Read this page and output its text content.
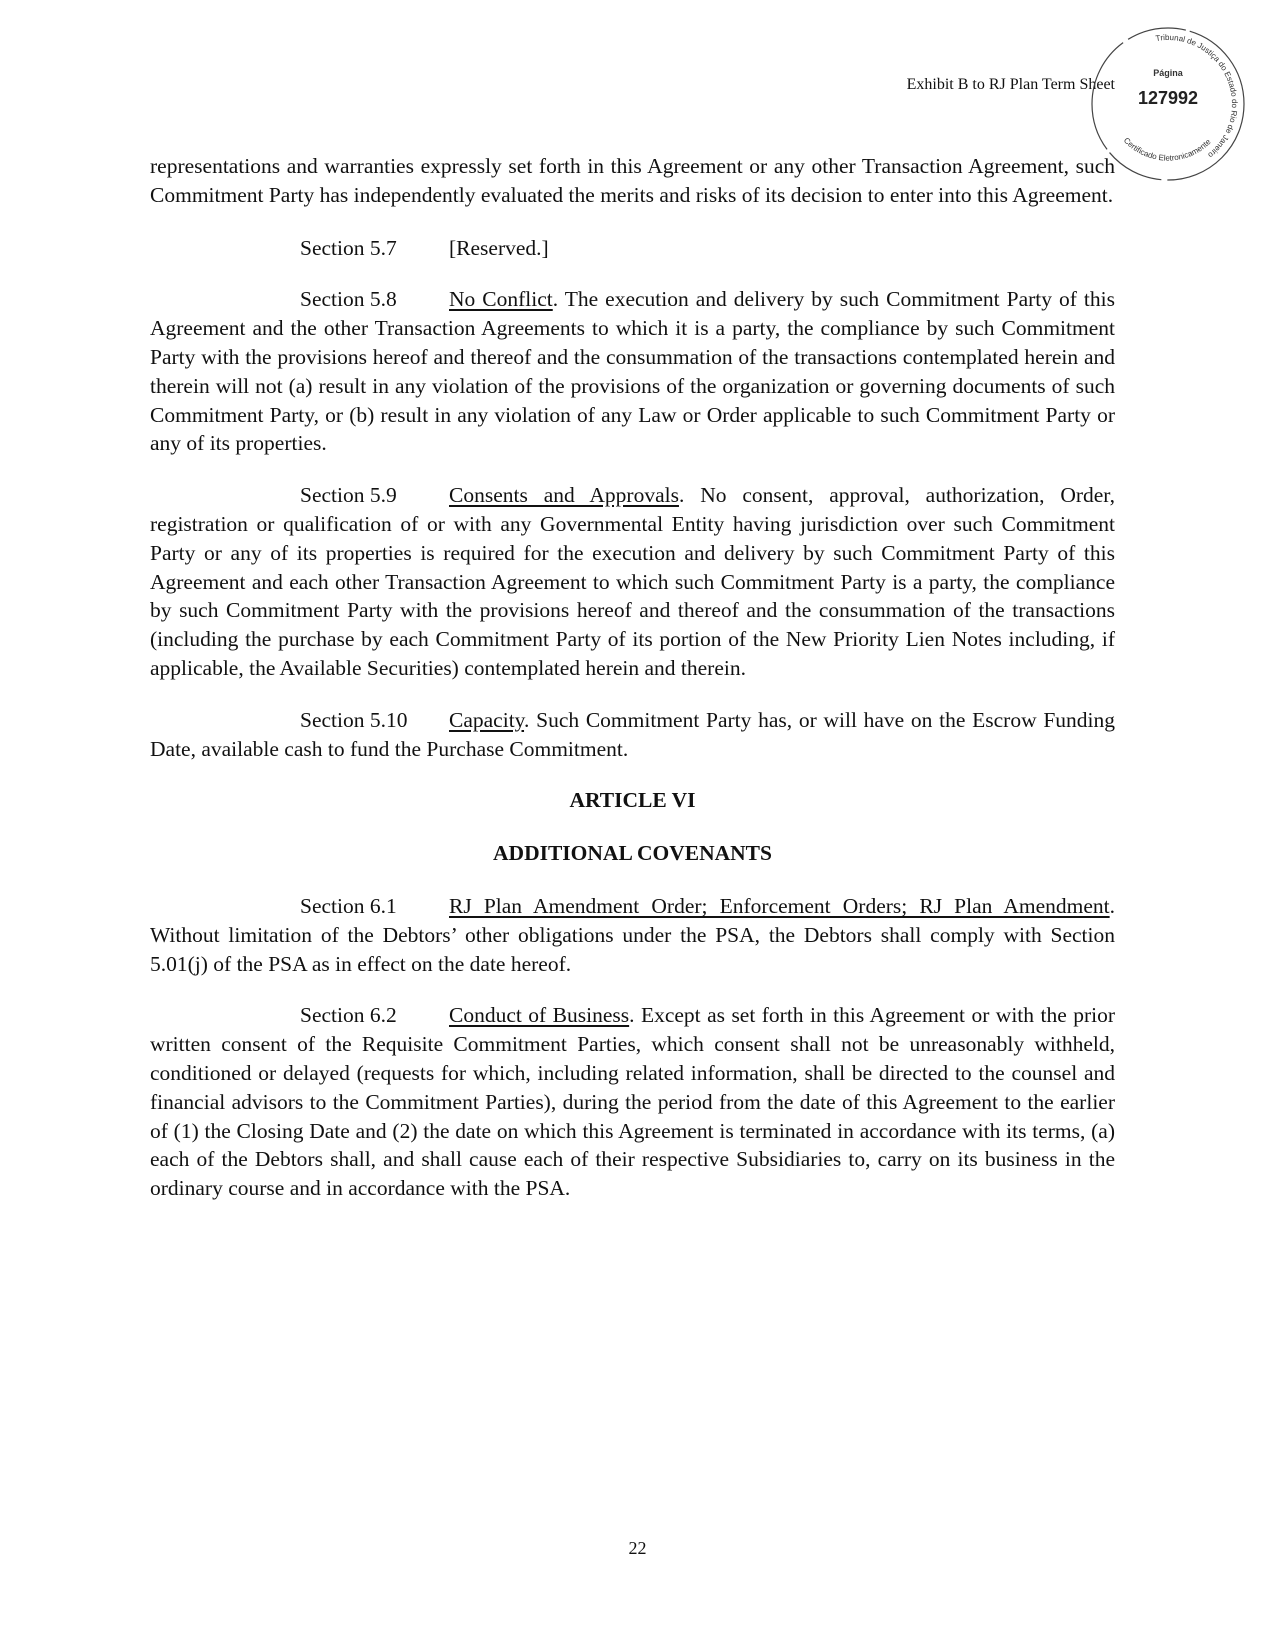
Exhibit B to RJ Plan Term Sheet
Tribunal de Justiça do Estado do Rio de Janeiro
Certificado Eletronicamente
Página
127992

representations and warranties expressly set forth in this Agreement or any other Transaction Agreement, such Commitment Party has independently evaluated the merits and risks of its decision to enter into this Agreement.

Section 5.7 [Reserved.]

Section 5.8 No Conflict. The execution and delivery by such Commitment Party of this Agreement and the other Transaction Agreements to which it is a party, the compliance by such Commitment Party with the provisions hereof and thereof and the consummation of the transactions contemplated herein and therein will not (a) result in any violation of the provisions of the organization or governing documents of such Commitment Party, or (b) result in any violation of any Law or Order applicable to such Commitment Party or any of its properties.

Section 5.9 Consents and Approvals. No consent, approval, authorization, Order, registration or qualification of or with any Governmental Entity having jurisdiction over such Commitment Party or any of its properties is required for the execution and delivery by such Commitment Party of this Agreement and each other Transaction Agreement to which such Commitment Party is a party, the compliance by such Commitment Party with the provisions hereof and thereof and the consummation of the transactions (including the purchase by each Commitment Party of its portion of the New Priority Lien Notes including, if applicable, the Available Securities) contemplated herein and therein.

Section 5.10 Capacity. Such Commitment Party has, or will have on the Escrow Funding Date, available cash to fund the Purchase Commitment.

ARTICLE VI

ADDITIONAL COVENANTS

Section 6.1 RJ Plan Amendment Order; Enforcement Orders; RJ Plan Amendment. Without limitation of the Debtors’ other obligations under the PSA, the Debtors shall comply with Section 5.01(j) of the PSA as in effect on the date hereof.

Section 6.2 Conduct of Business. Except as set forth in this Agreement or with the prior written consent of the Requisite Commitment Parties, which consent shall not be unreasonably withheld, conditioned or delayed (requests for which, including related information, shall be directed to the counsel and financial advisors to the Commitment Parties), during the period from the date of this Agreement to the earlier of (1) the Closing Date and (2) the date on which this Agreement is terminated in accordance with its terms, (a) each of the Debtors shall, and shall cause each of their respective Subsidiaries to, carry on its business in the ordinary course and in accordance with the PSA.

22
